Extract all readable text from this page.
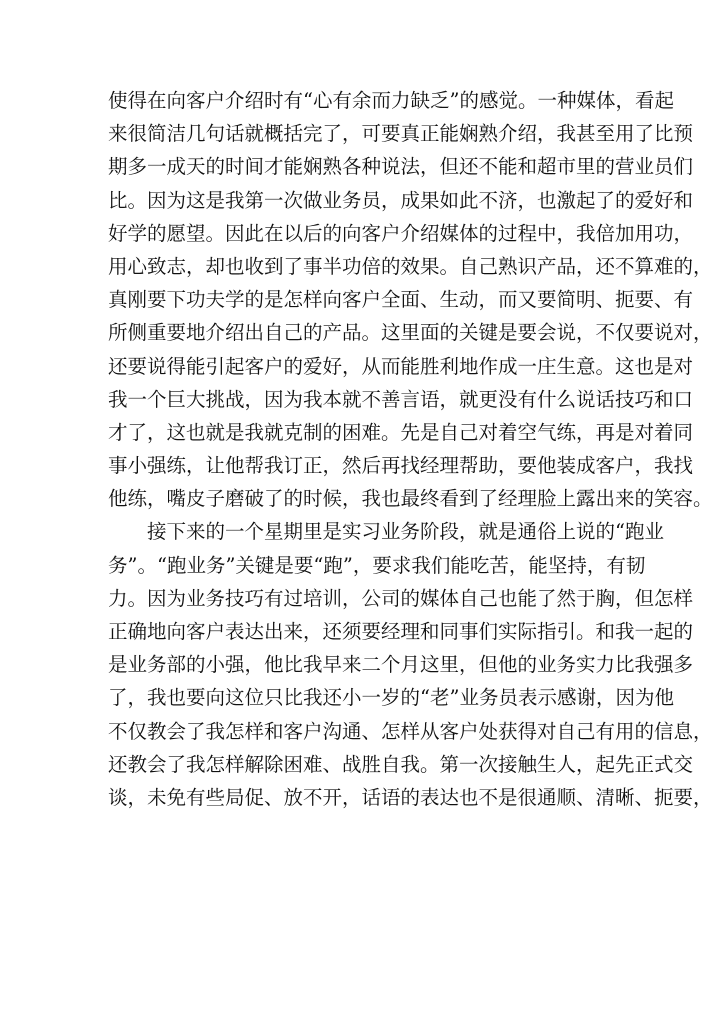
使得在向客户介绍时有“心有余而力缺乏”的感觉。一种媒体，看起
来很简洁几句话就概括完了，可要真正能娴熟介绍，我甚至用了比预
期多一成天的时间才能娴熟各种说法，但还不能和超市里的营业员们
比。因为这是我第一次做业务员，成果如此不济，也激起了的爱好和
好学的愿望。因此在以后的向客户介绍媒体的过程中，我倍加用功，
用心致志，却也收到了事半功倍的效果。自己熟识产品，还不算难的，
真刚要下功夫学的是怎样向客户全面、生动，而又要简明、扼要、有
所侧重要地介绍出自己的产品。这里面的关键是要会说，不仅要说对，
还要说得能引起客户的爱好，从而能胜利地作成一庄生意。这也是对
我一个巨大挑战，因为我本就不善言语，就更没有什么说话技巧和口
才了，这也就是我就克制的困难。先是自己对着空气练，再是对着同
事小强练，让他帮我订正，然后再找经理帮助，要他装成客户，我找
他练，嘴皮子磨破了的时候，我也最终看到了经理脸上露出来的笑容。
接下来的一个星期里是实习业务阶段，就是通俗上说的“跑业
务”。“跑业务”关键是要“跑”，要求我们能吃苦，能坚持，有韧
力。因为业务技巧有过培训，公司的媒体自己也能了然于胸，但怎样
正确地向客户表达出来，还须要经理和同事们实际指引。和我一起的
是业务部的小强，他比我早来二个月这里，但他的业务实力比我强多
了，我也要向这位只比我还小一岁的“老”业务员表示感谢，因为他
不仅教会了我怎样和客户沟通、怎样从客户处获得对自己有用的信息，
还教会了我怎样解除困难、战胜自我。第一次接触生人，起先正式交
谈，未免有些局促、放不开，话语的表达也不是很通顺、清晰、扼要，
